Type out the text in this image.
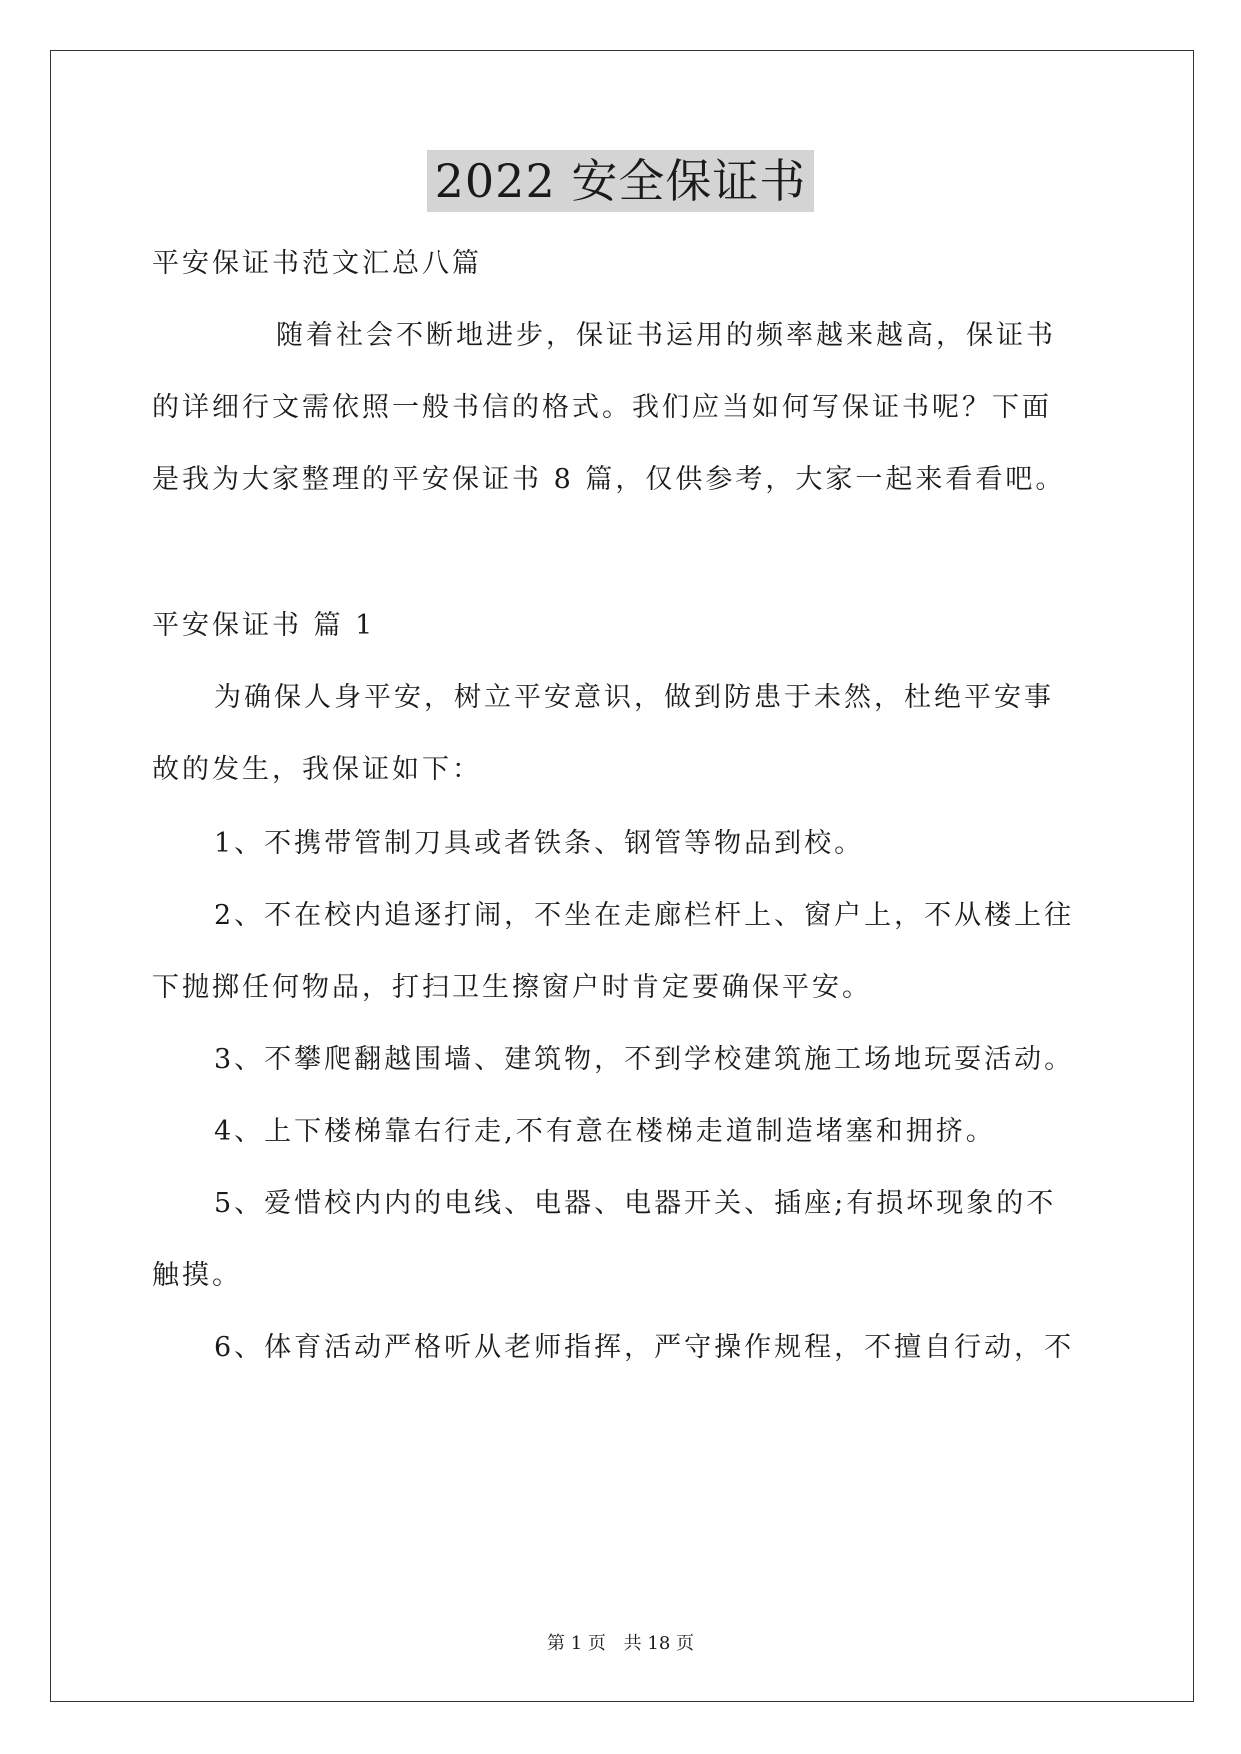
2022 安全保证书
平安保证书范文汇总八篇
随着社会不断地进步，保证书运用的频率越来越高，保证书
的详细行文需依照一般书信的格式。我们应当如何写保证书呢？下面
是我为大家整理的平安保证书 8 篇，仅供参考，大家一起来看看吧。
平安保证书 篇 1
为确保人身平安，树立平安意识，做到防患于未然，杜绝平安事
故的发生，我保证如下：
1、不携带管制刀具或者铁条、钢管等物品到校。
2、不在校内追逐打闹，不坐在走廊栏杆上、窗户上，不从楼上往
下抛掷任何物品，打扫卫生擦窗户时肯定要确保平安。
3、不攀爬翻越围墙、建筑物，不到学校建筑施工场地玩耍活动。
4、上下楼梯靠右行走,不有意在楼梯走道制造堵塞和拥挤。
5、爱惜校内内的电线、电器、电器开关、插座;有损坏现象的不
触摸。
6、体育活动严格听从老师指挥，严守操作规程，不擅自行动，不
第 1 页 共 18 页
